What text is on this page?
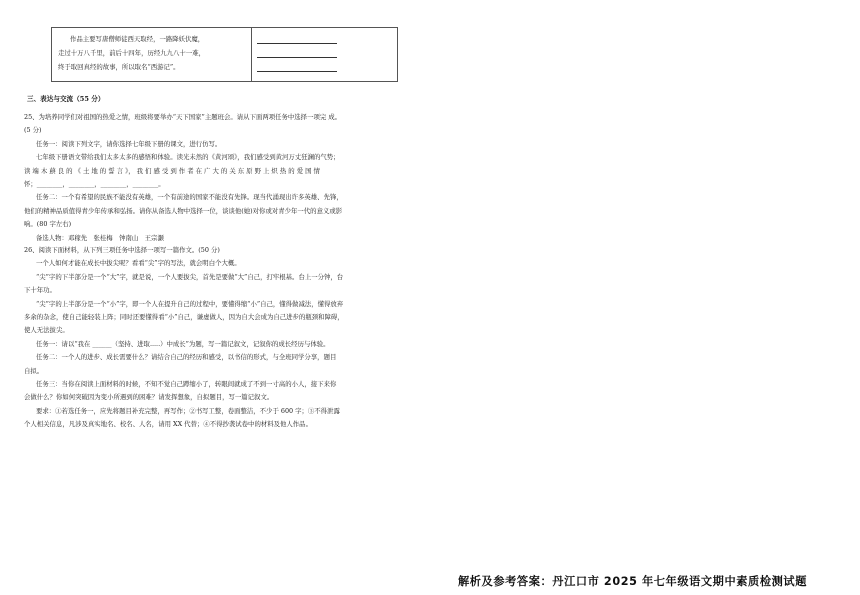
作品主要写唐僧师徒西天取经，一路降妖伏魔，

走过十万八千里，前后十四年，历经九九八十一难，

终于取回真经的故事，所以取名“西游记”。

三、表达与交流（55 分）

25、为培养同学们对祖国的热爱之情，班级将要举办“天下国家”主题班会。请从下面两项任务中选择一项完 成。

(5 分)

任务一：阅读下列文字，请你选择七年级下册的课文，进行仿写。

七年级下册语文带给我们太多太多的感悟和体验。读光未然的《黄河颂》，我们感受到黄河万丈狂澜的气势；

读 端 木 蕻 良 的 《 土 地 的 誓 言 》， 我 们 感 受 到 作 者 在 广 大 的 关 东 原 野 上 炽 热 的 爱 国 情

怀；________，________，________，________。

任务二：一个有希望的民族不能没有英雄，一个有前途的国家不能没有先锋。现当代涌现出许多英雄、先锋，

他们的精神品质值得青少年传承和弘扬。请你从备选人物中选择一位，谈谈他(她)对你或对青少年一代的意义或影

响。(80 字左右)

备选人物：邓稼先　张桂梅　钟南山　王宗灏

26、阅读下面材料，从下列三项任务中选择一项写一篇作文。(50 分)

一个人如何才能在成长中拔尖呢？看看“尖”字的写法，就会明白个大概。

“尖”字的下半部分是一个“大”字，就是说，一个人要拔尖，首先是要做“大”自己，打牢根基。台上一分钟，台

下十年功。

“尖”字的上半部分是一个“小”字，即一个人在提升自己的过程中，要懂得缩“小”自己，懂得做减法，懂得放弃

多余的杂念，使自己能轻装上阵；同时还要懂得看“小”自己，谦虚做人，因为自大会成为自己进步的瓶颈和障碍，

使人无法拔尖。

任务一：请以“我在 ______（坚持、进取.....）中成长”为题，写一篇记叙文，记叙你的成长经历与体验。

任务二：一个人的进步、成长需要什么？请结合自己的经历和感受，以书信的形式，与全班同学分享，题目

自拟。

任务三：当你在阅读上面材料的时候，不知不觉自己蹲缩小了，转眼间就成了不到一寸高的小人，接下来你

会做什么？你如何突破因为变小所遇到的困难？请发挥想象，自拟题目，写一篇记叙文。

要求：①若选任务一，应先将题目补充完整，再写作；②书写工整，卷面整洁，不少于 600 字；③不得泄露

个人相关信息，凡涉及真实地名、校名、人名，请用 XX 代替；④不得抄袭试卷中的材料及他人作品。

解析及参考答案：丹江口市 2025 年七年级语文期中素质检测试题
